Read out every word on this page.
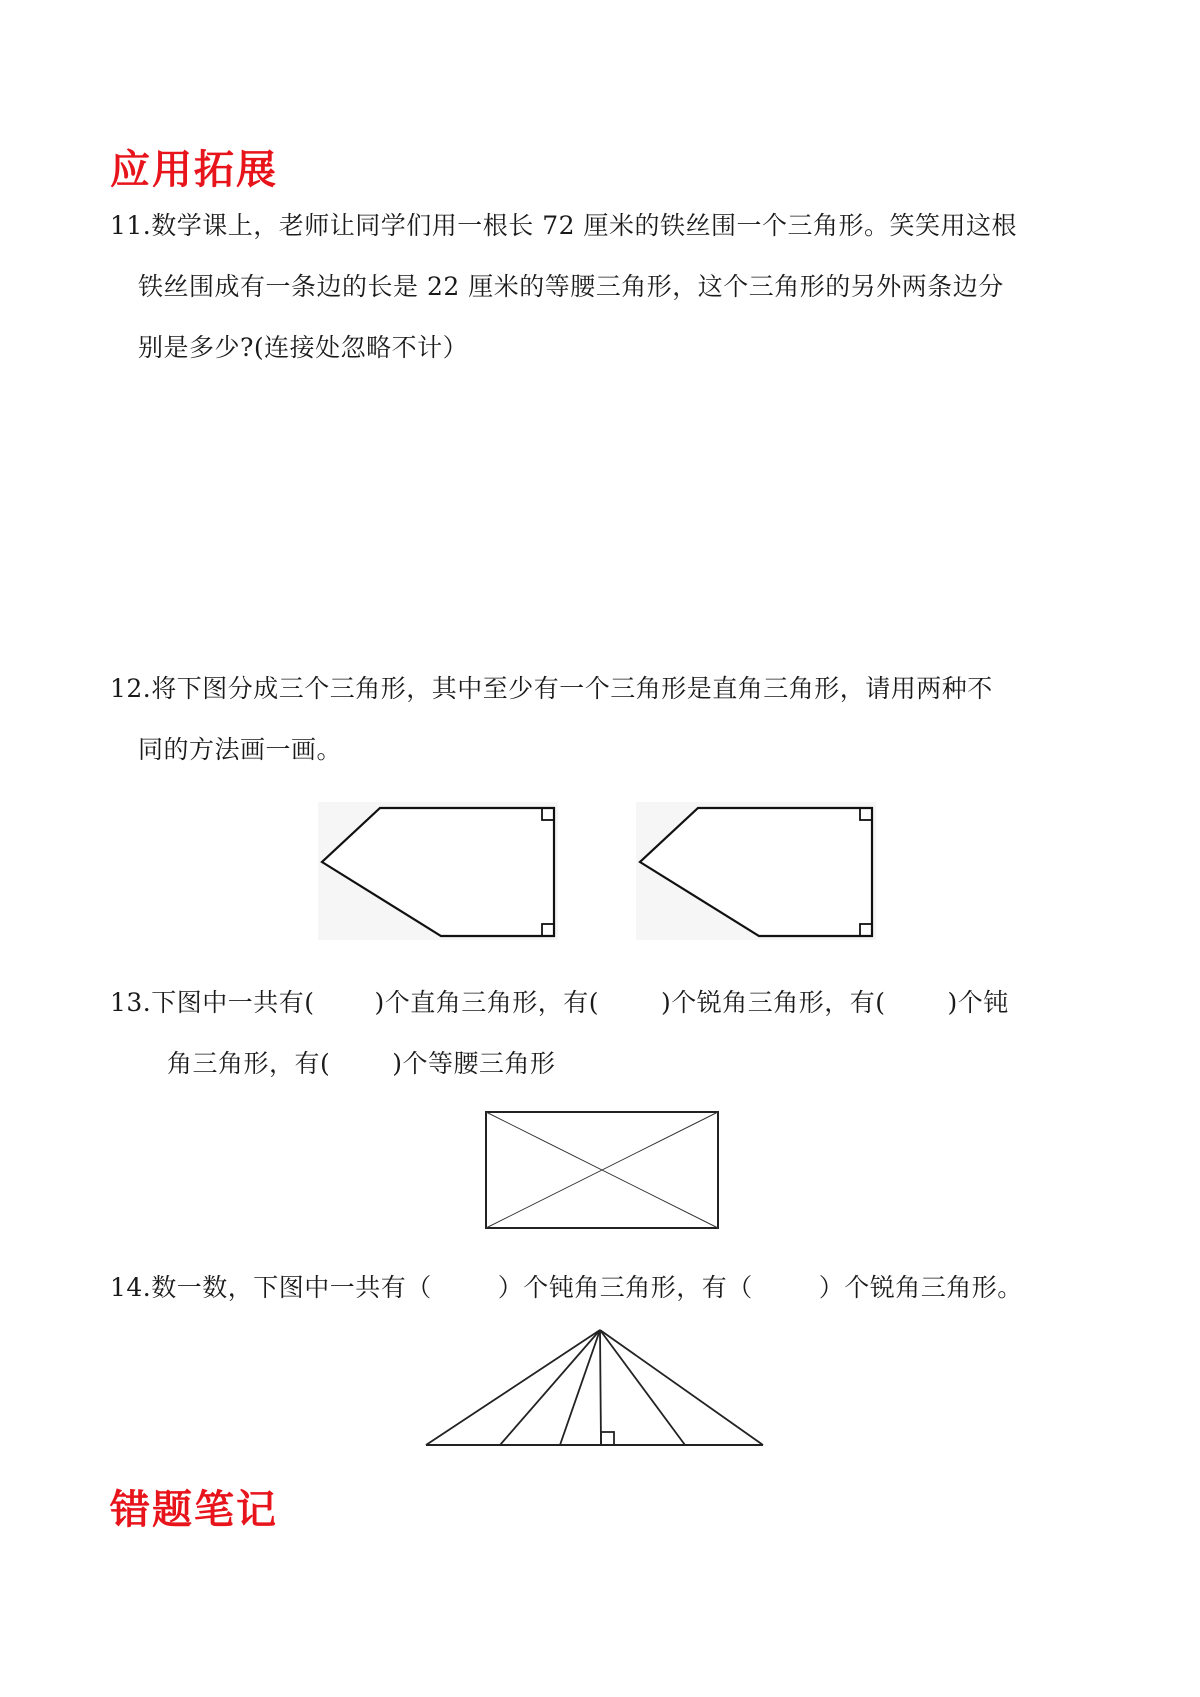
应用拓展
11.数学课上，老师让同学们用一根长 72 厘米的铁丝围一个三角形。笑笑用这根
铁丝围成有一条边的长是 22 厘米的等腰三角形，这个三角形的另外两条边分
别是多少?(连接处忽略不计）
12.将下图分成三个三角形，其中至少有一个三角形是直角三角形，请用两种不
同的方法画一画。
13.下图中一共有( )个直角三角形，有( )个锐角三角形，有( )个钝
角三角形，有( )个等腰三角形
14.数一数，下图中一共有（	）个钝角三角形，有（	）个锐角三角形。
错题笔记
